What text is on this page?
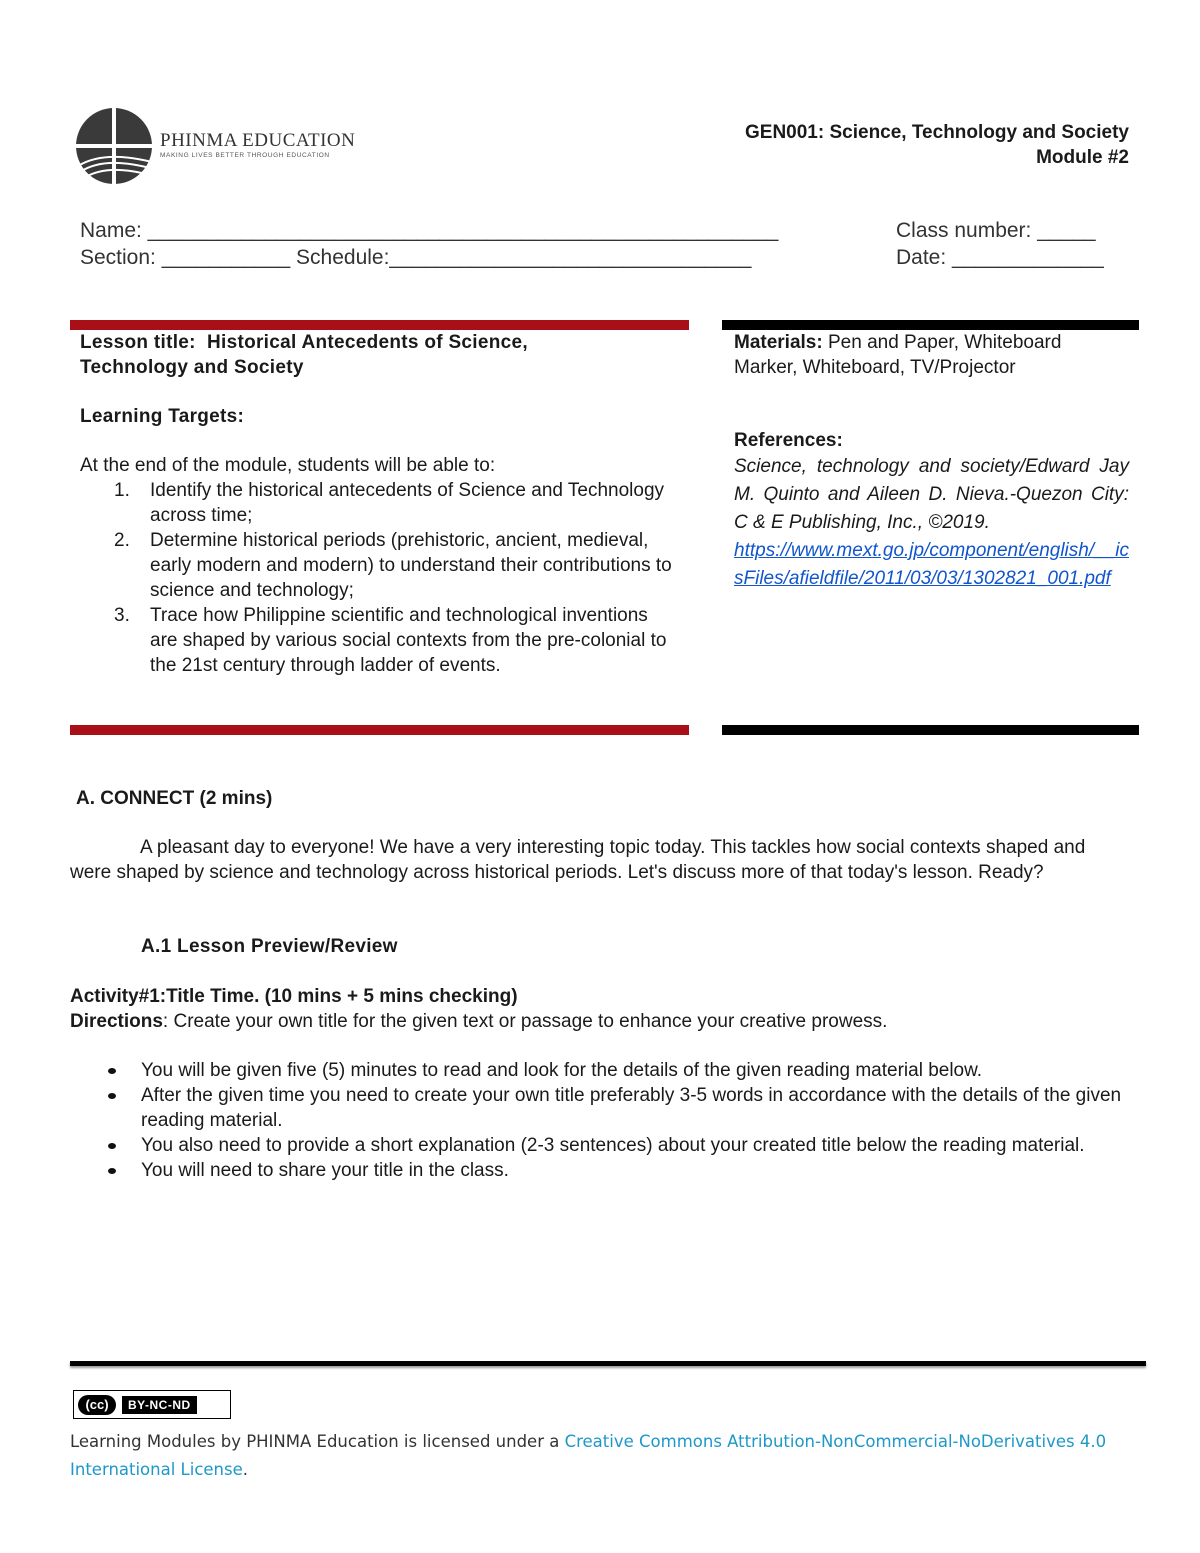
PHINMA EDUCATION
MAKING LIVES BETTER THROUGH EDUCATION
GEN001: Science, Technology and Society
Module #2
Name: ______________________________________________________	Class number: _____
Section: ___________ Schedule:_______________________________	Date: _____________
Lesson title: Historical Antecedents of Science,
Technology and Society
Learning Targets:
At the end of the module, students will be able to:
1. Identify the historical antecedents of Science and Technology across time;
2. Determine historical periods (prehistoric, ancient, medieval, early modern and modern) to understand their contributions to science and technology;
3. Trace how Philippine scientific and technological inventions are shaped by various social contexts from the pre-colonial to the 21st century through ladder of events.
Materials: Pen and Paper, Whiteboard Marker, Whiteboard, TV/Projector
References:
Science, technology and society/Edward Jay M. Quinto and Aileen D. Nieva.-Quezon City: C & E Publishing, Inc., ©2019.
https://www.mext.go.jp/component/english/__icsFiles/afieldfile/2011/03/03/1302821_001.pdf
A. CONNECT (2 mins)
A pleasant day to everyone! We have a very interesting topic today. This tackles how social contexts shaped and were shaped by science and technology across historical periods. Let's discuss more of that today's lesson. Ready?
A.1 Lesson Preview/Review
Activity#1:Title Time. (10 mins + 5 mins checking)
Directions: Create your own title for the given text or passage to enhance your creative prowess.
You will be given five (5) minutes to read and look for the details of the given reading material below.
After the given time you need to create your own title preferably 3-5 words in accordance with the details of the given reading material.
You also need to provide a short explanation (2-3 sentences) about your created title below the reading material.
You will need to share your title in the class.
(cc)	BY-NC-ND
Learning Modules by PHINMA Education is licensed under a Creative Commons Attribution-NonCommercial-NoDerivatives 4.0 International License.
